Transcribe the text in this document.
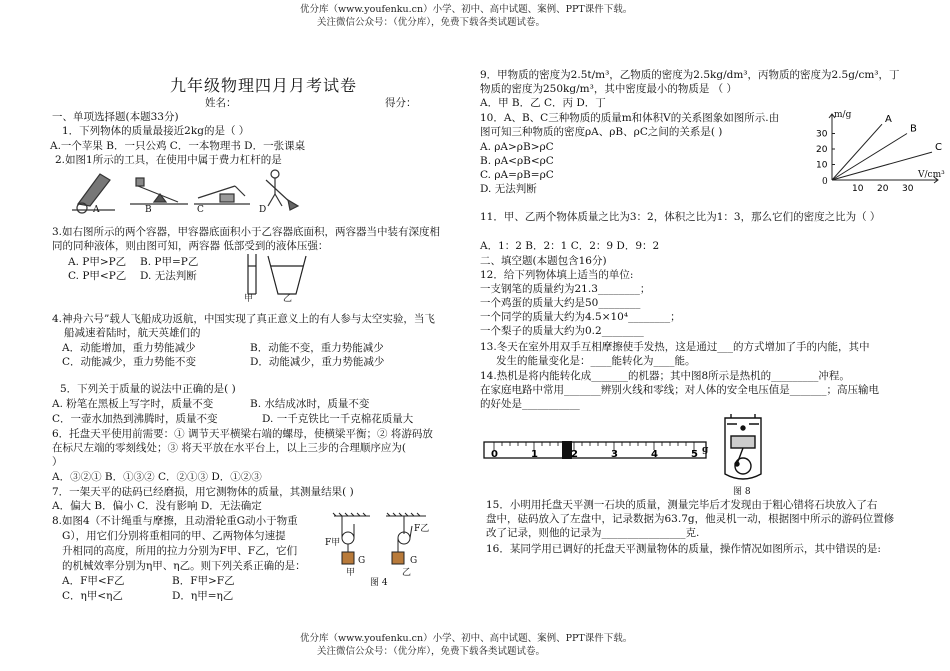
优分库（www.youfenku.cn）小学、初中、高中试题、案例、PPT课件下载。
关注微信公众号：（优分库），免费下载各类试题试卷。
九年级物理四月月考试卷
姓名：	得分：
一、单项选择题(本题33分)
1．下列物体的质量最接近2kg的是（ ）
A.一个苹果 B．一只公鸡 C．一本物理书 D．一张课桌
2.如图1所示的工具，在使用中属于费力杠杆的是
A	B	C	D
3.如右图所示的两个容器，甲容器底面积小于乙容器底面积，两容器当中装有深度相
同的同种液体，则由图可知，两容器 低部受到的液体压强：
A. P甲>P乙 B. P甲=P乙
C. P甲<P乙 D. 无法判断
甲	乙
4.神舟六号”载人飞船成功返航，中国实现了真正意义上的有人参与太空实验，当飞
船减速着陆时，航天英雄们的
A．动能增加，重力势能减少	B．动能不变，重力势能减少
C．动能减少，重力势能不变	D．动能减少，重力势能减少
5．下列关于质量的说法中正确的是( )
A. 粉笔在黑板上写字时，质量不变	B. 水结成冰时，质量不变
C．一壶水加热到沸腾时，质量不变	D. 一千克铁比一千克棉花质量大
6．托盘天平使用前需要：① 调节天平横梁右端的螺母，使横梁平衡；② 将游码放
在标尺左端的零刻线处；③ 将天平放在水平台上，以上三步的合理顺序应为(
）
A．③②① B．①③② C．②①③ D．①②③
7．一架天平的砝码已经磨损，用它测物体的质量，其测量结果( )
A．偏大 B．偏小 C．没有影响 D．无法确定
8.如图4（不计绳重与摩擦，且动滑轮重G动小于物重
G），用它们分别将重相同的甲、乙两物体匀速提
升相同的高度，所用的拉力分别为F甲、F乙，它们
的机械效率分别为η甲、η乙。则下列关系正确的是：
A．F甲<F乙	B．F甲>F乙
C．η甲<η乙	D．η甲=η乙
F甲
F乙
G	G
甲	乙
图 4
9．甲物质的密度为2.5t/m³，乙物质的密度为2.5kg/dm³，丙物质的密度为2.5g/cm³，丁
物质的密度为250kg/m³，其中密度最小的物质是 （ ）
A．甲 B．乙 C．丙 D．丁
10．A、B、C三种物质的质量m和体积V的关系图象如图所示.由
图可知三种物质的密度ρA、ρB、ρC之间的关系是( )
A. ρA>ρB>ρC
B. ρA<ρB<ρC
C. ρA=ρB=ρC
D. 无法判断
A
B
C
10 20 30
10
20
30
m/g
V/cm³
0
11．甲、乙两个物体质量之比为3：2，体积之比为1：3，那么它们的密度之比为（ ）
A．1：2 B．2：1 C．2：9 D．9：2
二、填空题(本题包含16分)
12．给下列物体填上适当的单位:
一支钢笔的质量约为21.3________；
一个鸡蛋的质量大约是50________
一个同学的质量大约为4.5×10⁴________；
一个梨子的质量大约为0.2________
13.冬天在室外用双手互相摩擦使手发热，这是通过___的方式增加了手的内能，其中
发生的能量变化是：____能转化为____能。
14.热机是将内能转化成_______的机器；其中图8所示是热机的_________冲程。
在家庭电路中常用_______辨别火线和零线；对人体的安全电压值是_______；高压输电
的好处是___________
0	1	2	3	4	5 g
图 8
15．小明用托盘天平测一石块的质量，测量完毕后才发现由于粗心错将石块放入了右
盘中，砝码放入了左盘中，记录数据为63.7g，他灵机一动，根据图中所示的游码位置修
改了记录，则他的记录为________________克.
16．某同学用已调好的托盘天平测量物体的质量，操作情况如图所示，其中错误的是:
优分库（www.youfenku.cn）小学、初中、高中试题、案例、PPT课件下载。
关注微信公众号：（优分库），免费下载各类试题试卷。
